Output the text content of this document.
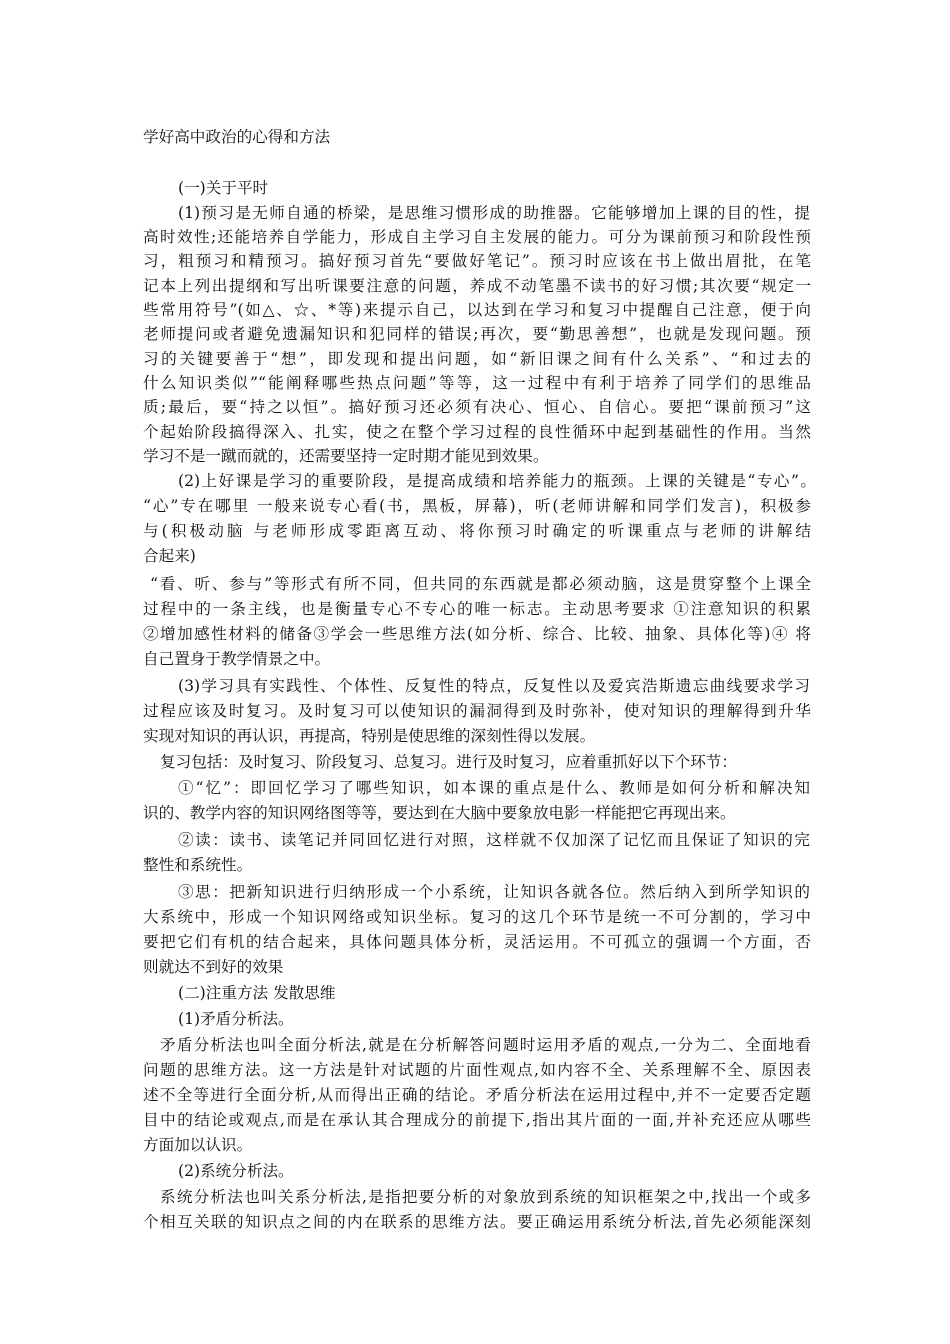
学好高中政治的心得和方法
(一)关于平时
(1)预习是无师自通的桥梁，是思维习惯形成的助推器。它能够增加上课的目的性，提
高时效性;还能培养自学能力，形成自主学习自主发展的能力。可分为课前预习和阶段性预
习，粗预习和精预习。搞好预习首先“要做好笔记”。预习时应该在书上做出眉批，在笔
记本上列出提纲和写出听课要注意的问题，养成不动笔墨不读书的好习惯;其次要“规定一
些常用符号”(如△、☆、*等)来提示自己，以达到在学习和复习中提醒自己注意，便于向
老师提问或者避免遗漏知识和犯同样的错误;再次，要“勤思善想”，也就是发现问题。预
习的关键要善于“想”，即发现和提出问题，如“新旧课之间有什么关系”、“和过去的
什么知识类似”“能阐释哪些热点问题”等等，这一过程中有利于培养了同学们的思维品
质;最后，要“持之以恒”。搞好预习还必须有决心、恒心、自信心。要把“课前预习”这
个起始阶段搞得深入、扎实，使之在整个学习过程的良性循环中起到基础性的作用。当然
学习不是一蹴而就的，还需要坚持一定时期才能见到效果。
(2)上好课是学习的重要阶段，是提高成绩和培养能力的瓶颈。上课的关键是“专心”。
“心”专在哪里 一般来说专心看(书，黑板，屏幕)，听(老师讲解和同学们发言)，积极参
与(积极动脑 与老师形成零距离互动、将你预习时确定的听课重点与老师的讲解结
合起来)
“看、听、参与”等形式有所不同，但共同的东西就是都必须动脑，这是贯穿整个上课全
过程中的一条主线，也是衡量专心不专心的唯一标志。主动思考要求 ①注意知识的积累
②增加感性材料的储备③学会一些思维方法(如分析、综合、比较、抽象、具体化等)④ 将
自己置身于教学情景之中。
(3)学习具有实践性、个体性、反复性的特点，反复性以及爱宾浩斯遗忘曲线要求学习
过程应该及时复习。及时复习可以使知识的漏洞得到及时弥补，使对知识的理解得到升华
实现对知识的再认识，再提高，特别是使思维的深刻性得以发展。
复习包括：及时复习、阶段复习、总复习。进行及时复习，应着重抓好以下个环节：
①“忆”：即回忆学习了哪些知识，如本课的重点是什么、教师是如何分析和解决知
识的、教学内容的知识网络图等等，要达到在大脑中要象放电影一样能把它再现出来。
②读：读书、读笔记并同回忆进行对照，这样就不仅加深了记忆而且保证了知识的完
整性和系统性。
③思：把新知识进行归纳形成一个小系统，让知识各就各位。然后纳入到所学知识的
大系统中，形成一个知识网络或知识坐标。复习的这几个环节是统一不可分割的，学习中
要把它们有机的结合起来，具体问题具体分析，灵活运用。不可孤立的强调一个方面，否
则就达不到好的效果
(二)注重方法 发散思维
(1)矛盾分析法。
矛盾分析法也叫全面分析法,就是在分析解答问题时运用矛盾的观点,一分为二、全面地看
问题的思维方法。这一方法是针对试题的片面性观点,如内容不全、关系理解不全、原因表
述不全等进行全面分析,从而得出正确的结论。矛盾分析法在运用过程中,并不一定要否定题
目中的结论或观点,而是在承认其合理成分的前提下,指出其片面的一面,并补充还应从哪些
方面加以认识。
(2)系统分析法。
系统分析法也叫关系分析法,是指把要分析的对象放到系统的知识框架之中,找出一个或多
个相互关联的知识点之间的内在联系的思维方法。要正确运用系统分析法,首先必须能深刻
